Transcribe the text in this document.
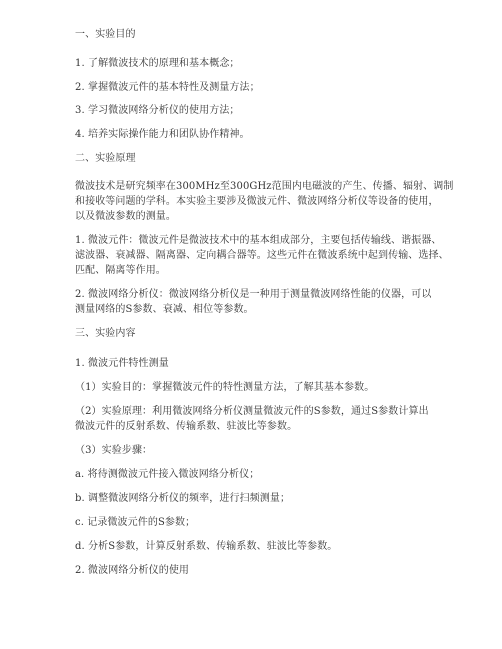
一、实验目的
1. 了解微波技术的原理和基本概念；
2. 掌握微波元件的基本特性及测量方法；
3. 学习微波网络分析仪的使用方法；
4. 培养实际操作能力和团队协作精神。
二、实验原理
微波技术是研究频率在300MHz至300GHz范围内电磁波的产生、传播、辐射、调制
和接收等问题的学科。本实验主要涉及微波元件、微波网络分析仪等设备的使用，
以及微波参数的测量。
1. 微波元件：微波元件是微波技术中的基本组成部分，主要包括传输线、谐振器、
滤波器、衰减器、隔离器、定向耦合器等。这些元件在微波系统中起到传输、选择、
匹配、隔离等作用。
2. 微波网络分析仪：微波网络分析仪是一种用于测量微波网络性能的仪器，可以
测量网络的S参数、衰减、相位等参数。
三、实验内容
1. 微波元件特性测量
（1）实验目的：掌握微波元件的特性测量方法，了解其基本参数。
（2）实验原理：利用微波网络分析仪测量微波元件的S参数，通过S参数计算出
微波元件的反射系数、传输系数、驻波比等参数。
（3）实验步骤：
a. 将待测微波元件接入微波网络分析仪；
b. 调整微波网络分析仪的频率，进行扫频测量；
c. 记录微波元件的S参数；
d. 分析S参数，计算反射系数、传输系数、驻波比等参数。
2. 微波网络分析仪的使用
